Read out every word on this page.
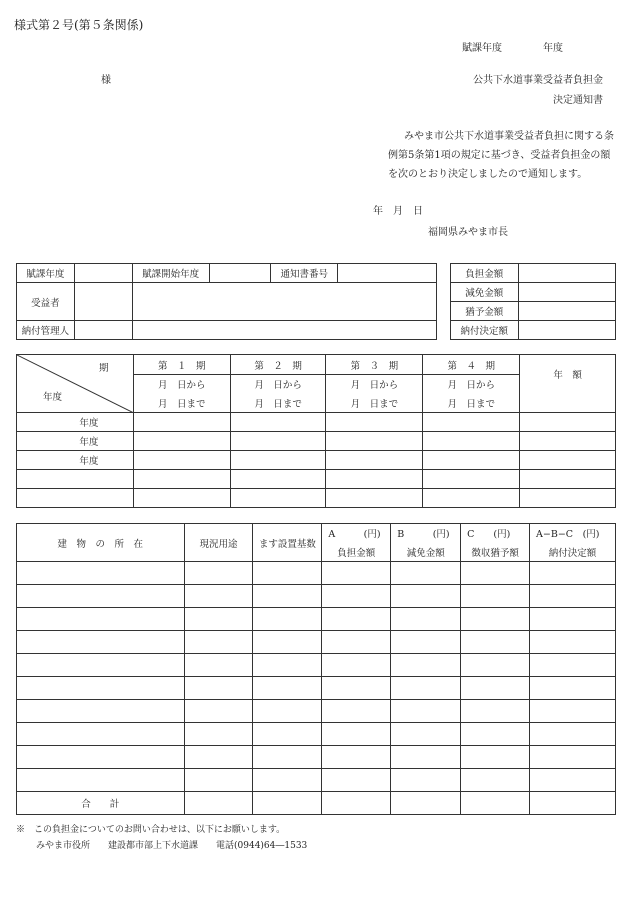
様式第２号(第５条関係)
賦課年度	年度
様	公共下水道事業受益者負担金
決定通知書
みやま市公共下水道事業受益者負担に関する条
例第5条第1項の規定に基づき、受益者負担金の額
を次のとおり決定しましたので通知します。
年　月　日
福岡県みやま市長
賦課年度		賦課開始年度		通知書番号	
受益者					
納付管理人					
負担金額	
減免金額	
猶予金額	
納付決定額	
期
年度	第　１　期	第　２　期	第　３　期	第　４　期	年　額
	月　日から	月　日から	月　日から	月　日から	
	月　日まで	月　日まで	月　日まで	月　日まで	
年度					
年度					
年度					

建　物　の　所　在	現況用途	ます設置基数	A　　　(円)	B　　　(円)	C　　(円)	A−B−C　(円)
			負担金額	減免金額	徴収猶予額	納付決定額

合　　計						
※　この負担金についてのお問い合わせは、以下にお願いします。
みやま市役所　　建設都市部上下水道課　　電話(0944)64―1533
